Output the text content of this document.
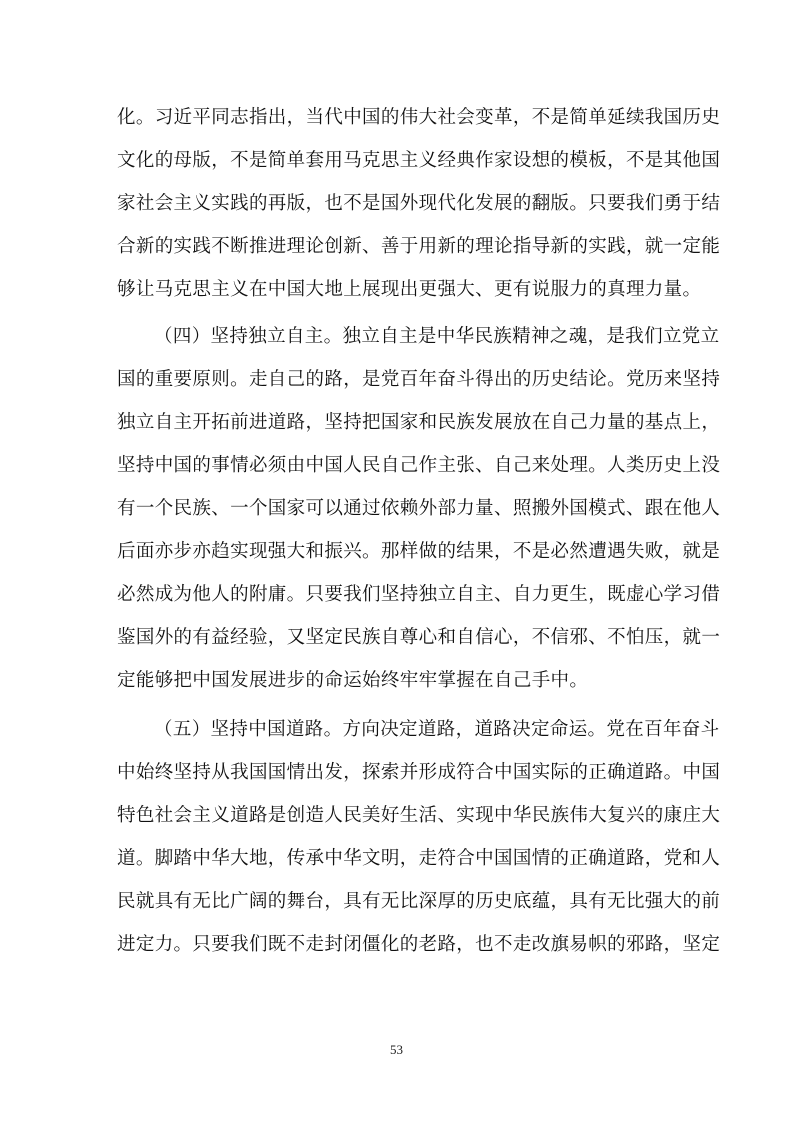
化。习近平同志指出，当代中国的伟大社会变革，不是简单延续我国历史
文化的母版，不是简单套用马克思主义经典作家设想的模板，不是其他国
家社会主义实践的再版，也不是国外现代化发展的翻版。只要我们勇于结
合新的实践不断推进理论创新、善于用新的理论指导新的实践，就一定能
够让马克思主义在中国大地上展现出更强大、更有说服力的真理力量。
（四）坚持独立自主。独立自主是中华民族精神之魂，是我们立党立
国的重要原则。走自己的路，是党百年奋斗得出的历史结论。党历来坚持
独立自主开拓前进道路，坚持把国家和民族发展放在自己力量的基点上，
坚持中国的事情必须由中国人民自己作主张、自己来处理。人类历史上没
有一个民族、一个国家可以通过依赖外部力量、照搬外国模式、跟在他人
后面亦步亦趋实现强大和振兴。那样做的结果，不是必然遭遇失败，就是
必然成为他人的附庸。只要我们坚持独立自主、自力更生，既虚心学习借
鉴国外的有益经验，又坚定民族自尊心和自信心，不信邪、不怕压，就一
定能够把中国发展进步的命运始终牢牢掌握在自己手中。
（五）坚持中国道路。方向决定道路，道路决定命运。党在百年奋斗
中始终坚持从我国国情出发，探索并形成符合中国实际的正确道路。中国
特色社会主义道路是创造人民美好生活、实现中华民族伟大复兴的康庄大
道。脚踏中华大地，传承中华文明，走符合中国国情的正确道路，党和人
民就具有无比广阔的舞台，具有无比深厚的历史底蕴，具有无比强大的前
进定力。只要我们既不走封闭僵化的老路，也不走改旗易帜的邪路，坚定
53
